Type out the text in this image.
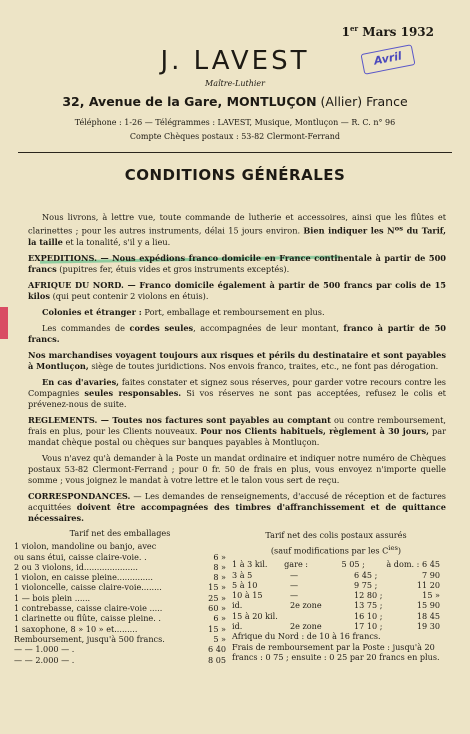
1er Mars 1932
Avril
J. LAVEST
Maître-Luthier
32, Avenue de la Gare, MONTLUÇON (Allier) France
Téléphone : 1-26 — Télégrammes : LAVEST, Musique, Montluçon — R. C. n° 96
Compte Chèques postaux : 53-82 Clermont-Ferrand
CONDITIONS GÉNÉRALES

Nous livrons, à lettre vue, toute commande de lutherie et accessoires, ainsi que les flûtes et clarinettes ; pour les autres instruments, délai 15 jours environ. Bien indiquer les $N^{os}$ du Tarif, la taille et la tonalité, s'il y a lieu.

EXPEDITIONS. — Nous expédions franco domicile en France continentale à partir de 500 francs (pupitres fer, étuis vides et gros instruments exceptés).

AFRIQUE DU NORD. — Franco domicile également à partir de 500 francs par colis de 15 kilos (qui peut contenir 2 violons en étuis).

Colonies et étranger : Port, emballage et remboursement en plus.

Les commandes de cordes seules, accompagnées de leur montant, franco à partir de 50 francs.

Nos marchandises voyagent toujours aux risques et périls du destinataire et sont payables à Montluçon, siège de toutes juridictions. Nos envois franco, traites, etc., ne font pas dérogation.

En cas d'avaries, faites constater et signez sous réserves, pour garder votre recours contre les Compagnies seules responsables. Si vos réserves ne sont pas acceptées, refusez le colis et prévenez-nous de suite.

REGLEMENTS. — Toutes nos factures sont payables au comptant ou contre remboursement, frais en plus, pour les Clients nouveaux. Pour nos Clients habituels, règlement à 30 jours, par mandat chèque postal ou chèques sur banques payables à Montluçon.

Vous n'avez qu'à demander à la Poste un mandat ordinaire et indiquer notre numéro de Chèques postaux 53-82 Clermont-Ferrand ; pour 0 fr. 50 de frais en plus, vous envoyez n'importe quelle somme ; vous joignez le mandat à votre lettre et le talon vous sert de reçu.

CORRESPONDANCES. — Les demandes de renseignements, d'accusé de réception et de factures acquittées doivent être accompagnées des timbres d'affranchissement et de quittance nécessaires.

Tarif net des emballages
1 violon, mandoline ou banjo, avec
ou sans étui, caisse claire-voie. .	6 »
2 ou 3 violons, id.....................	8 »
1 violon, en caisse pleine..............	8 »
1 violoncelle, caisse claire-voie........	15 »
1 — bois plein ......	25 »
1 contrebasse, caisse claire-voie .....	60 »
1 clarinette ou flûte, caisse pleine. .	6 »
1 saxophone, 8 » 10 » et.........	15 »
Remboursement, jusqu'à 500 francs.	5 »
— — 1.000 — .	6 40
— — 2.000 — .	8 05
Tarif net des colis postaux assurés
(sauf modifications par les $C^{ies}$)
1 à 3 kil.	gare :	5 05 ;	à dom. : 6 45
3 à 5	—	6 45 ;	7 90
5 à 10	—	9 75 ;	11 20
10 à 15	—	12 80 ;	15 »
id.	2e zone	13 75 ;	15 90
15 à 20 kil.	16 10 ;	18 45
id.	2e zone	17 10 ;	19 30
Afrique du Nord : de 10 à 16 francs.
Frais de remboursement par la Poste : jusqu'à 20 francs : 0 75 ; ensuite : 0 25 par 20 francs en plus.
